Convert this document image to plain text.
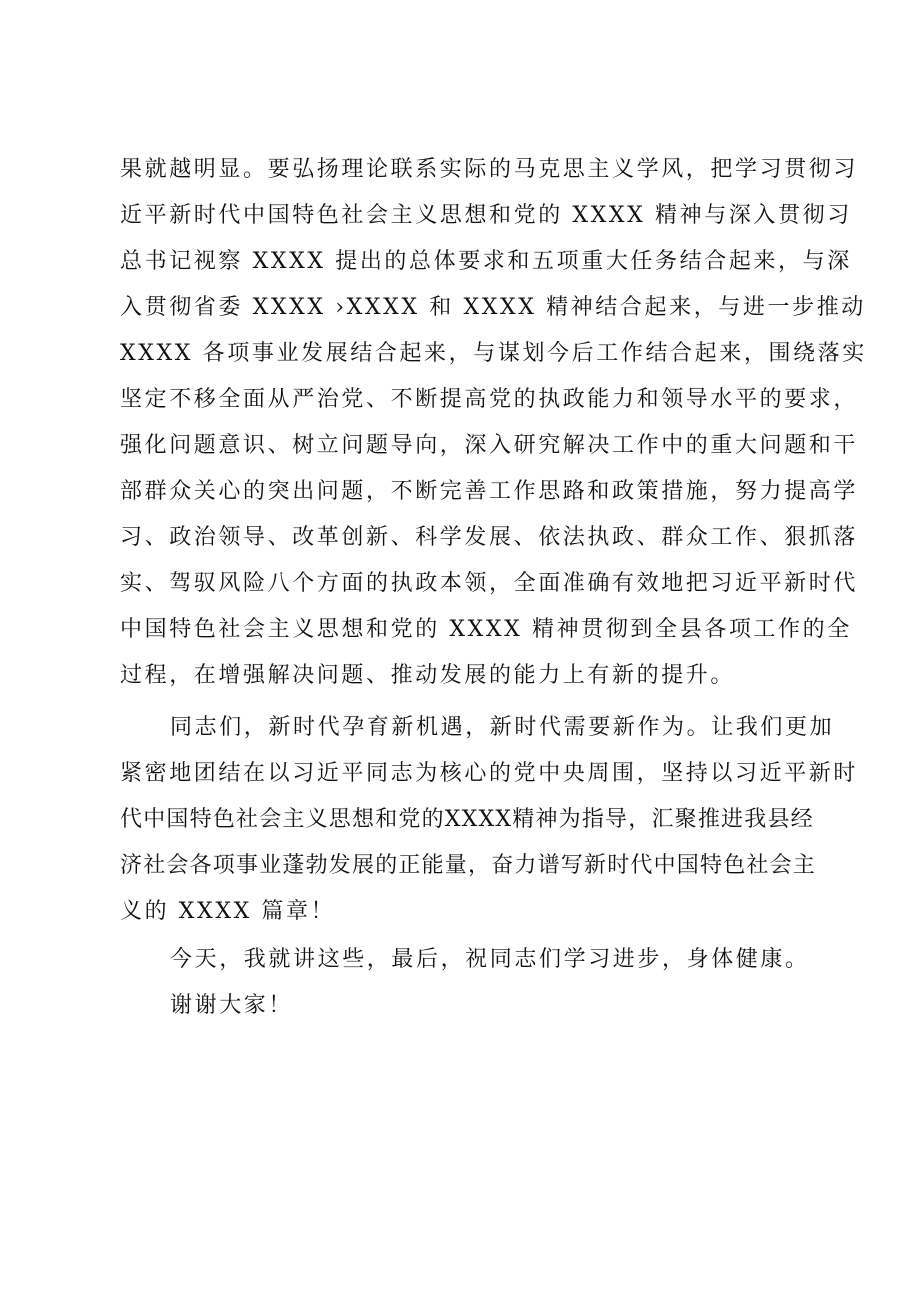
果就越明显。要弘扬理论联系实际的马克思主义学风，把学习贯彻习
近平新时代中国特色社会主义思想和党的 XXXX 精神与深入贯彻习
总书记视察 XXXX 提出的总体要求和五项重大任务结合起来，与深
入贯彻省委 XXXX ›XXXX 和 XXXX 精神结合起来，与进一步推动
XXXX 各项事业发展结合起来，与谋划今后工作结合起来，围绕落实
坚定不移全面从严治党、不断提高党的执政能力和领导水平的要求，
强化问题意识、树立问题导向，深入研究解决工作中的重大问题和干
部群众关心的突出问题，不断完善工作思路和政策措施，努力提高学
习、政治领导、改革创新、科学发展、依法执政、群众工作、狠抓落
实、驾驭风险八个方面的执政本领，全面准确有效地把习近平新时代
中国特色社会主义思想和党的 XXXX 精神贯彻到全县各项工作的全
过程，在增强解决问题、推动发展的能力上有新的提升。
同志们，新时代孕育新机遇，新时代需要新作为。让我们更加
紧密地团结在以习近平同志为核心的党中央周围，坚持以习近平新时
代中国特色社会主义思想和党的XXXX精神为指导，汇聚推进我县经
济社会各项事业蓬勃发展的正能量，奋力谱写新时代中国特色社会主
义的 XXXX 篇章！
今天，我就讲这些，最后，祝同志们学习进步，身体健康。
谢谢大家！
